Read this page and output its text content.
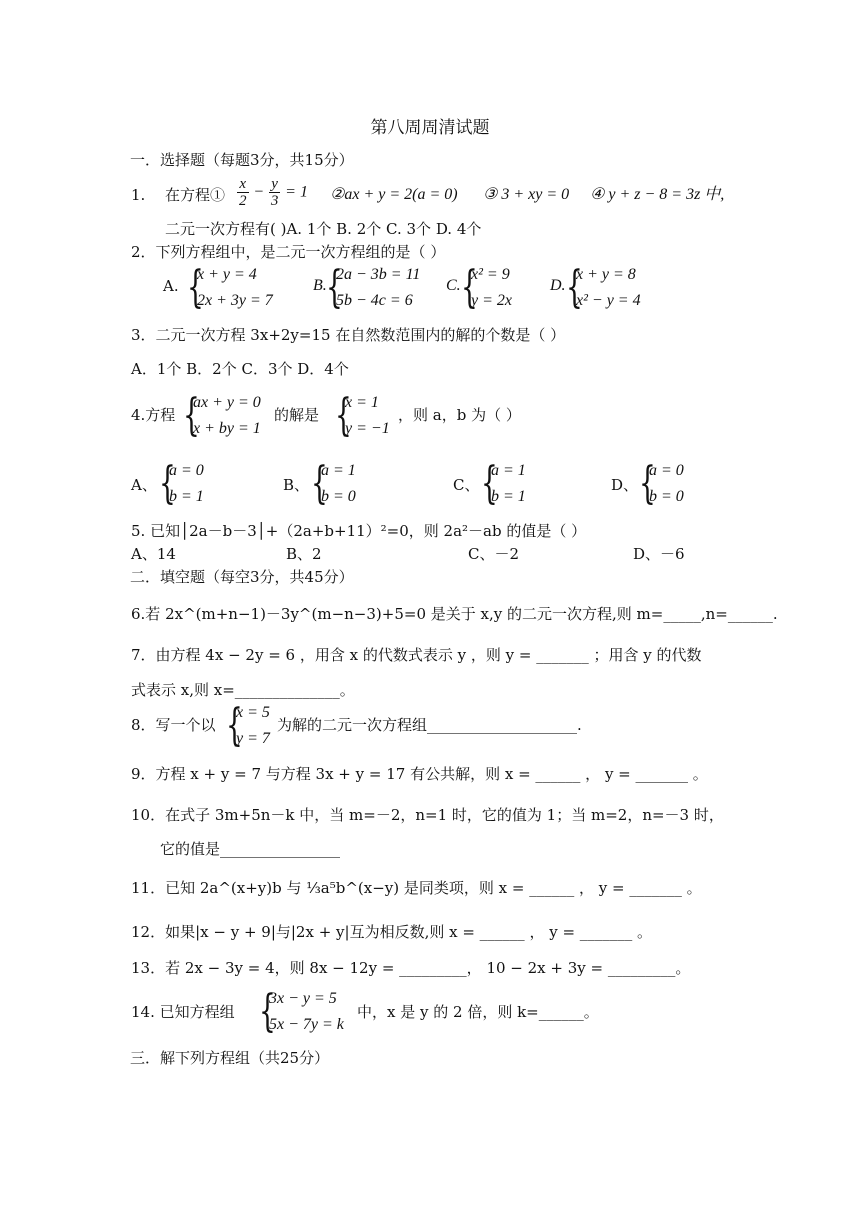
第八周周清试题
一．选择题（每题3分，共15分）
1. 在方程① $\frac{x}{2} - \frac{y}{3} = 1$ ②ax + y = 2(a = 0) ③ 3 + xy = 0 ④ y + z − 8 = 3z 中,
二元一次方程有( )A. 1个 B. 2个 C. 3个 D. 4个
2．下列方程组中，是二元一次方程组的是（ ）
A. {
x + y = 4
2x + 3y = 7
B. {
2a − 3b = 11
5b − 4c = 6
C. {
x² = 9
y = 2x
D. {
x + y = 8
x² − y = 4
3．二元一次方程 3x+2y=15 在自然数范围内的解的个数是（ ）
A．1个 B．2个 C．3个 D．4个
4.方程 {
ax + y = 0
x + by = 1
的解是 {
x = 1
y = −1
，则 a，b 为（ ）
A、 {
a = 0
b = 1
B、 {
a = 1
b = 0
C、 {
a = 1
b = 1
D、 {
a = 0
b = 0
5. 已知│2a－b－3│+（2a+b+11）²=0，则 2a²－ab 的值是（ ）
A、14	B、2	C、－2	D、－6
二．填空题（每空3分，共45分）
6.若 2x^(m+n−1)－3y^(m−n−3)+5=0 是关于 x,y 的二元一次方程,则 m=_____,n=______.
7．由方程 4x − 2y = 6 ，用含 x 的代数式表示 y ，则 y = _______ ；用含 y 的代数
式表示 x,则 x=______________。
8．写一个以 {
x = 5
y = 7
为解的二元一次方程组____________________.
9．方程 x + y = 7 与方程 3x + y = 17 有公共解，则 x = ______ ， y = _______ 。
10．在式子 3m+5n－k 中，当 m=－2，n=1 时，它的值为 1；当 m=2，n=－3 时，
它的值是________________
11．已知 2a^(x+y)b 与 ⅓a⁵b^(x−y) 是同类项，则 x = ______ ， y = _______ 。
12．如果|x − y + 9|与|2x + y|互为相反数,则 x = ______ ， y = _______ 。
13．若 2x − 3y = 4，则 8x − 12y = _________， 10 − 2x + 3y = _________。
14. 已知方程组 {
3x − y = 5
5x − 7y = k
中，x 是 y 的 2 倍，则 k=______。
三．解下列方程组（共25分）
